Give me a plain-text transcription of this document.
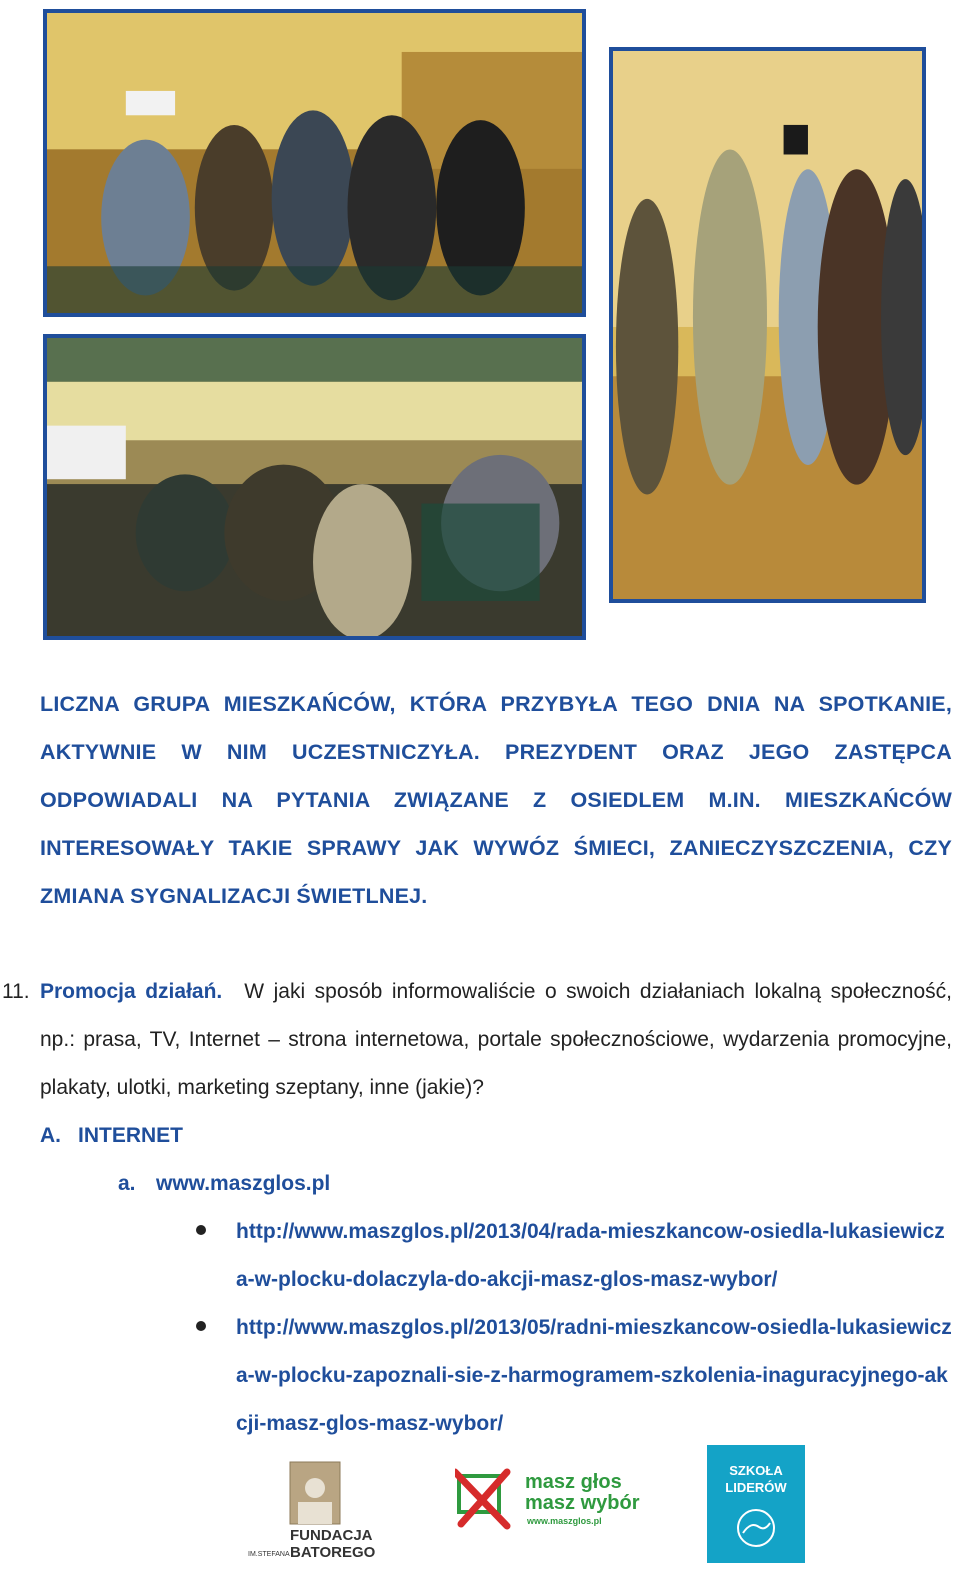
LICZNA GRUPA MIESZKAŃCÓW, KTÓRA PRZYBYŁA TEGO DNIA NA SPOTKANIE, AKTYWNIE W NIM UCZESTNICZYŁA. PREZYDENT ORAZ JEGO ZASTĘPCA ODPOWIADALI NA PYTANIA ZWIĄZANE Z OSIEDLEM M.IN. MIESZKAŃCÓW INTERESOWAŁY TAKIE SPRAWY JAK WYWÓZ ŚMIECI, ZANIECZYSZCZENIA, CZY ZMIANA SYGNALIZACJI ŚWIETLNEJ.

11. Promocja działań. W jaki sposób informowaliście o swoich działaniach lokalną społeczność, np.: prasa, TV, Internet – strona internetowa, portale społecznościowe, wydarzenia promocyjne, plakaty, ulotki, marketing szeptany, inne (jakie)?
A. INTERNET
a. www.maszglos.pl
http://www.maszglos.pl/2013/04/rada-mieszkancow-osiedla-lukasiewicza-w-plocku-dolaczyla-do-akcji-masz-glos-masz-wybor/
http://www.maszglos.pl/2013/05/radni-mieszkancow-osiedla-lukasiewicza-w-plocku-zapoznali-sie-z-harmogramem-szkolenia-inaguracyjnego-akcji-masz-glos-masz-wybor/
FUNDACJA
IM.STEFANA BATOREGO
masz głos
masz wybór
www.maszglos.pl
SZKOŁA
LIDERÓW
